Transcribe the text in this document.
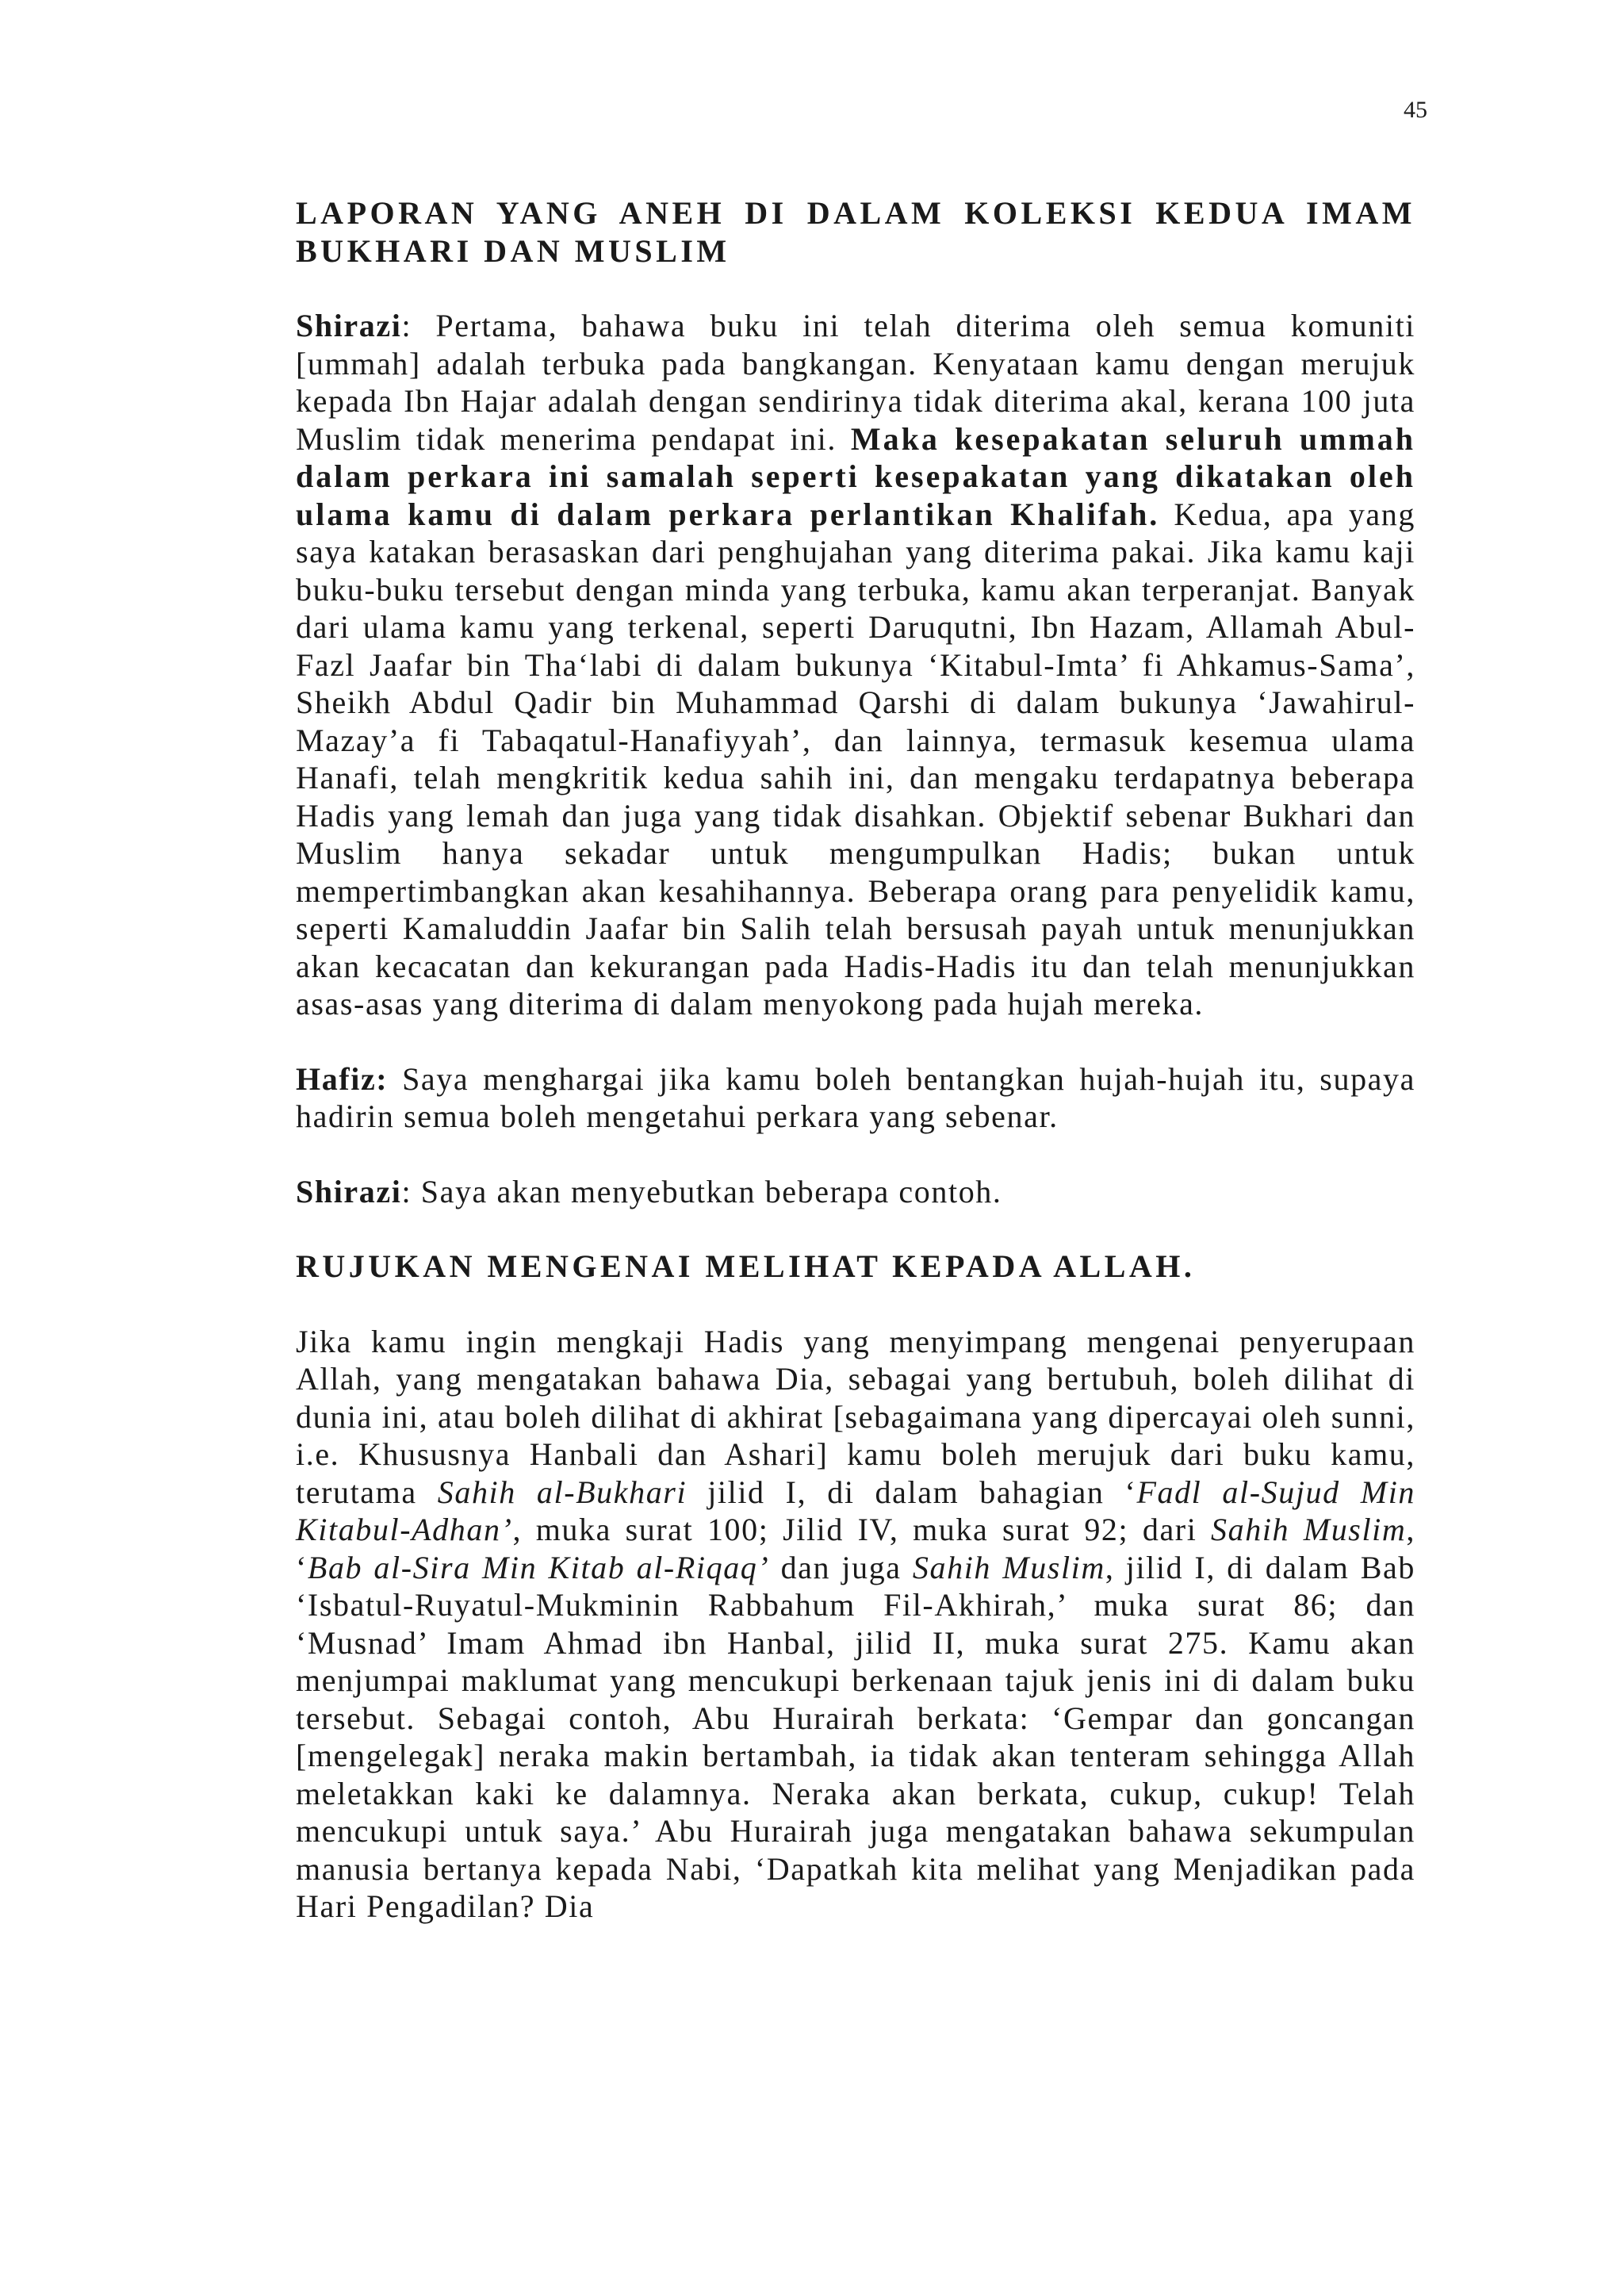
45
LAPORAN YANG ANEH DI DALAM KOLEKSI KEDUA IMAM BUKHARI DAN MUSLIM

Shirazi: Pertama, bahawa buku ini telah diterima oleh semua komuniti [ummah] adalah terbuka pada bangkangan. Kenyataan kamu dengan merujuk kepada Ibn Hajar adalah dengan sendirinya tidak diterima akal, kerana 100 juta Muslim tidak menerima pendapat ini. Maka kesepakatan seluruh ummah dalam perkara ini samalah seperti kesepakatan yang dikatakan oleh ulama kamu di dalam perkara perlantikan Khalifah. Kedua, apa yang saya katakan berasaskan dari penghujahan yang diterima pakai. Jika kamu kaji buku-buku tersebut dengan minda yang terbuka, kamu akan terperanjat. Banyak dari ulama kamu yang terkenal, seperti Daruqutni, Ibn Hazam, Allamah Abul-Fazl Jaafar bin Tha‘labi di dalam bukunya ‘Kitabul-Imta’ fi Ahkamus-Sama’, Sheikh Abdul Qadir bin Muhammad Qarshi di dalam bukunya ‘Jawahirul-Mazay’a fi Tabaqatul-Hanafiyyah’, dan lainnya, termasuk kesemua ulama Hanafi, telah mengkritik kedua sahih ini, dan mengaku terdapatnya beberapa Hadis yang lemah dan juga yang tidak disahkan. Objektif sebenar Bukhari dan Muslim hanya sekadar untuk mengumpulkan Hadis; bukan untuk mempertimbangkan akan kesahihannya. Beberapa orang para penyelidik kamu, seperti Kamaluddin Jaafar bin Salih telah bersusah payah untuk menunjukkan akan kecacatan dan kekurangan pada Hadis-Hadis itu dan telah menunjukkan asas-asas yang diterima di dalam menyokong pada hujah mereka.

Hafiz: Saya menghargai jika kamu boleh bentangkan hujah-hujah itu, supaya hadirin semua boleh mengetahui perkara yang sebenar.

Shirazi: Saya akan menyebutkan beberapa contoh.

RUJUKAN MENGENAI MELIHAT KEPADA ALLAH.

Jika kamu ingin mengkaji Hadis yang menyimpang mengenai penyerupaan Allah, yang mengatakan bahawa Dia, sebagai yang bertubuh, boleh dilihat di dunia ini, atau boleh dilihat di akhirat [sebagaimana yang dipercayai oleh sunni, i.e. Khususnya Hanbali dan Ashari] kamu boleh merujuk dari buku kamu, terutama Sahih al-Bukhari jilid I, di dalam bahagian ‘Fadl al-Sujud Min Kitabul-Adhan’, muka surat 100; Jilid IV, muka surat 92; dari Sahih Muslim, ‘Bab al-Sira Min Kitab al-Riqaq’ dan juga Sahih Muslim, jilid I, di dalam Bab ‘Isbatul-Ruyatul-Mukminin Rabbahum Fil-Akhirah,’ muka surat 86; dan ‘Musnad’ Imam Ahmad ibn Hanbal, jilid II, muka surat 275. Kamu akan menjumpai maklumat yang mencukupi berkenaan tajuk jenis ini di dalam buku tersebut. Sebagai contoh, Abu Hurairah berkata: ‘Gempar dan goncangan [mengelegak] neraka makin bertambah, ia tidak akan tenteram sehingga Allah meletakkan kaki ke dalamnya. Neraka akan berkata, cukup, cukup! Telah mencukupi untuk saya.’ Abu Hurairah juga mengatakan bahawa sekumpulan manusia bertanya kepada Nabi, ‘Dapatkah kita melihat yang Menjadikan pada Hari Pengadilan? Dia
